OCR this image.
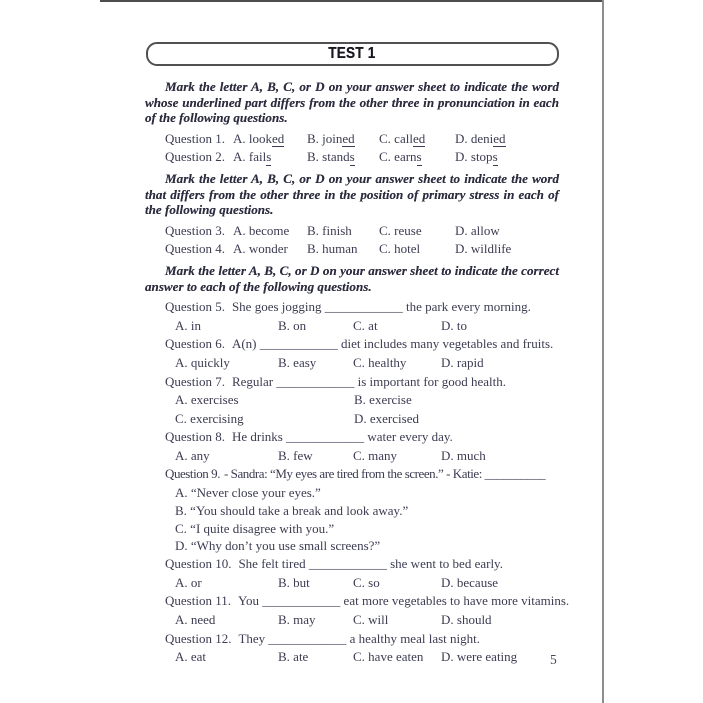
TEST 1

Mark the letter A, B, C, or D on your answer sheet to indicate the word whose underlined part differs from the other three in pronunciation in each of the following questions.

Question 1. A. looked B. joined C. called D. denied
Question 2. A. fails	B. stands C. earns	D. stops

Mark the letter A, B, C, or D on your answer sheet to indicate the word that differs from the other three in the position of primary stress in each of the following questions.

Question 3. A. become B. finish C. reuse	D. allow
Question 4. A. wonder B. human C. hotel	D. wildlife

Mark the letter A, B, C, or D on your answer sheet to indicate the correct answer to each of the following questions.

Question 5. She goes jogging ____________ the park every morning.
A. in	B. on	C. at	D. to
Question 6. A(n) ____________ diet includes many vegetables and fruits.
A. quickly	B. easy	C. healthy	D. rapid
Question 7. Regular ____________ is important for good health.
A. exercises	B. exercise
C. exercising	D. exercised
Question 8. He drinks ____________ water every day.
A. any	B. few	C. many	D. much
Question 9. - Sandra: “My eyes are tired from the screen.” - Katie: __________
A. “Never close your eyes.”
B. “You should take a break and look away.”
C. “I quite disagree with you.”
D. “Why don’t you use small screens?”
Question 10. She felt tired ____________ she went to bed early.
A. or	B. but	C. so	D. because
Question 11. You ____________ eat more vegetables to have more vitamins.
A. need	B. may	C. will	D. should
Question 12. They ____________ a healthy meal last night.
A. eat	B. ate	C. have eaten D. were eating 5
